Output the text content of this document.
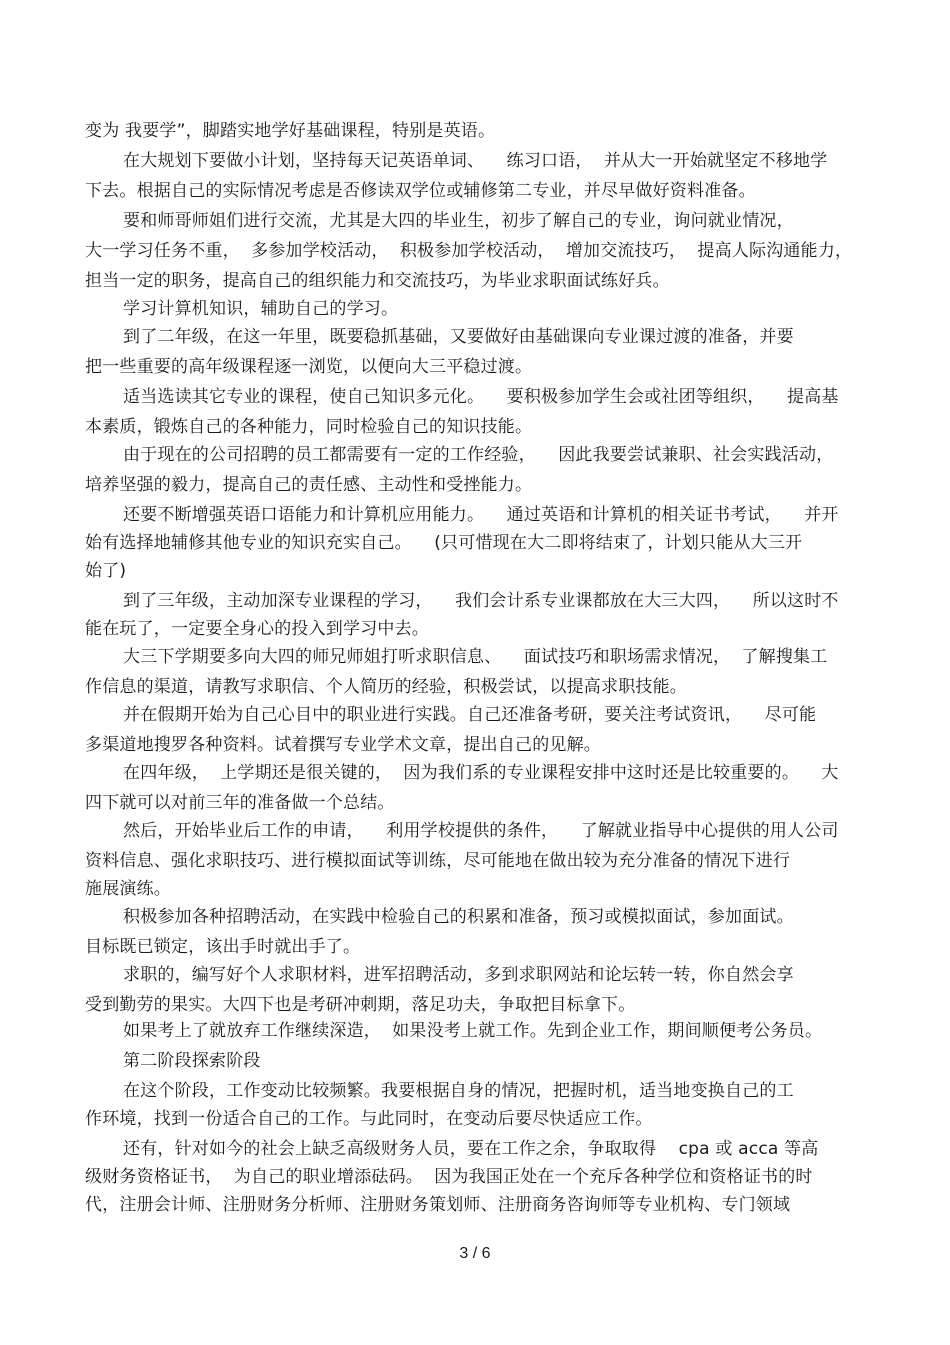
变为 我要学”，脚踏实地学好基础课程，特别是英语。
在大规划下要做小计划，坚持每天记英语单词、    练习口语，  并从大一开始就坚定不移地学
下去。根据自己的实际情况考虑是否修读双学位或辅修第二专业，并尽早做好资料准备。
要和师哥师姐们进行交流，尤其是大四的毕业生，初步了解自己的专业，询问就业情况，
大一学习任务不重，  多参加学校活动，  积极参加学校活动，  增加交流技巧，  提高人际沟通能力，
担当一定的职务，提高自己的组织能力和交流技巧，为毕业求职面试练好兵。
学习计算机知识，辅助自己的学习。
到了二年级，在这一年里，既要稳抓基础，又要做好由基础课向专业课过渡的准备，并要
把一些重要的高年级课程逐一浏览，以便向大三平稳过渡。
适当选读其它专业的课程，使自己知识多元化。    要积极参加学生会或社团等组织，    提高基
本素质，锻炼自己的各种能力，同时检验自己的知识技能。
由于现在的公司招聘的员工都需要有一定的工作经验，    因此我要尝试兼职、社会实践活动，
培养坚强的毅力，提高自己的责任感、主动性和受挫能力。
还要不断增强英语口语能力和计算机应用能力。    通过英语和计算机的相关证书考试，    并开
始有选择地辅修其他专业的知识充实自己。    (只可惜现在大二即将结束了，计划只能从大三开
始了)
到了三年级，主动加深专业课程的学习，    我们会计系专业课都放在大三大四，    所以这时不
能在玩了，一定要全身心的投入到学习中去。
大三下学期要多向大四的师兄师姐打听求职信息、    面试技巧和职场需求情况，  了解搜集工
作信息的渠道，请教写求职信、个人简历的经验，积极尝试，以提高求职技能。
并在假期开始为自己心目中的职业进行实践。自己还准备考研，要关注考试资讯，    尽可能
多渠道地搜罗各种资料。试着撰写专业学术文章，提出自己的见解。
在四年级，  上学期还是很关键的，  因为我们系的专业课程安排中这时还是比较重要的。    大
四下就可以对前三年的准备做一个总结。
然后，开始毕业后工作的申请，    利用学校提供的条件，    了解就业指导中心提供的用人公司
资料信息、强化求职技巧、进行模拟面试等训练，尽可能地在做出较为充分准备的情况下进行
施展演练。
积极参加各种招聘活动，在实践中检验自己的积累和准备，预习或模拟面试，参加面试。
目标既已锁定，该出手时就出手了。
求职的，编写好个人求职材料，进军招聘活动，多到求职网站和论坛转一转，你自然会享
受到勤劳的果实。大四下也是考研冲刺期，落足功夫，争取把目标拿下。
如果考上了就放弃工作继续深造，  如果没考上就工作。先到企业工作，期间顺便考公务员。
第二阶段探索阶段
在这个阶段，工作变动比较频繁。我要根据自身的情况，把握时机，适当地变换自己的工
作环境，找到一份适合自己的工作。与此同时，在变动后要尽快适应工作。
还有，针对如今的社会上缺乏高级财务人员，要在工作之余，争取取得    cpa 或 acca 等高
级财务资格证书，  为自己的职业增添砝码。  因为我国正处在一个充斥各种学位和资格证书的时
代，注册会计师、注册财务分析师、注册财务策划师、注册商务咨询师等专业机构、专门领域
3 / 6
